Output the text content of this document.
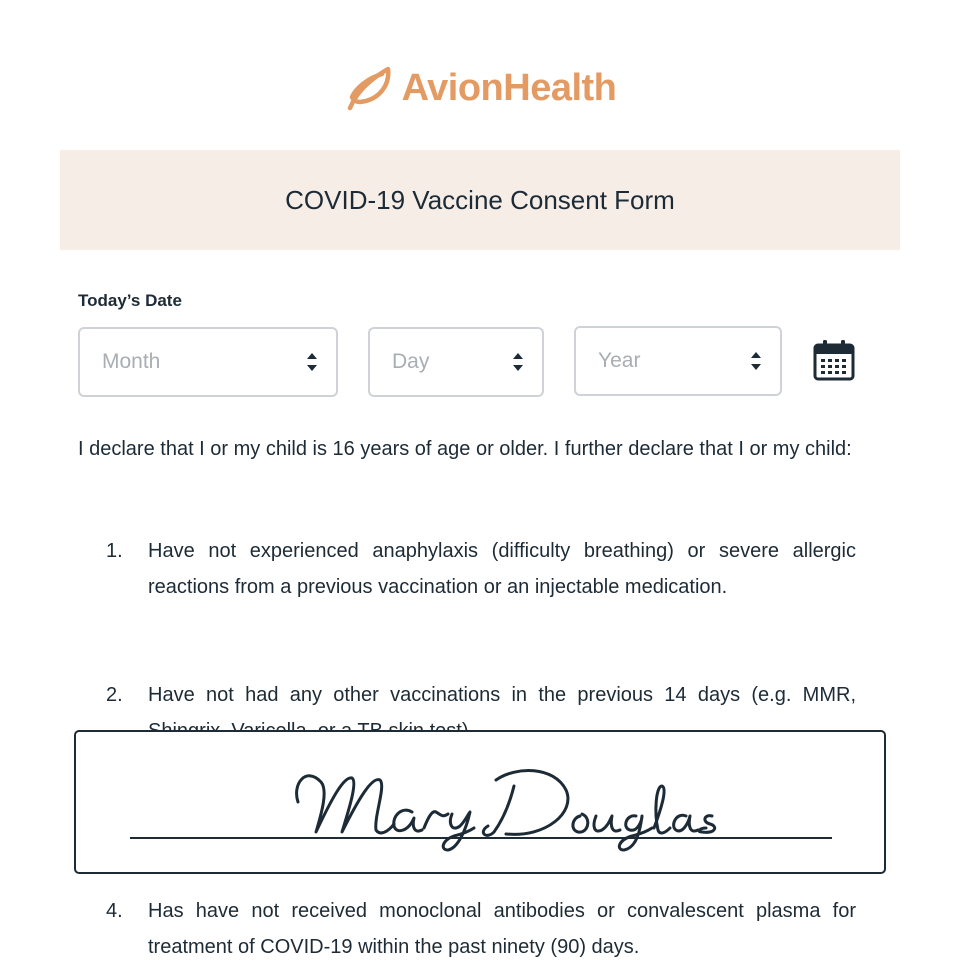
AvionHealth
COVID-19 Vaccine Consent Form
Today’s Date
Month	Day	Year
I declare that I or my child is 16 years of age or older. I further declare that I or my child:
1. Have not experienced anaphylaxis (difficulty breathing) or severe allergic reactions from a previous vaccination or an injectable medication.
2. Have not had any other vaccinations in the previous 14 days (e.g. MMR,
4. Has have not received monoclonal antibodies or convalescent plasma for treatment of COVID-19 within the past ninety (90) days.
